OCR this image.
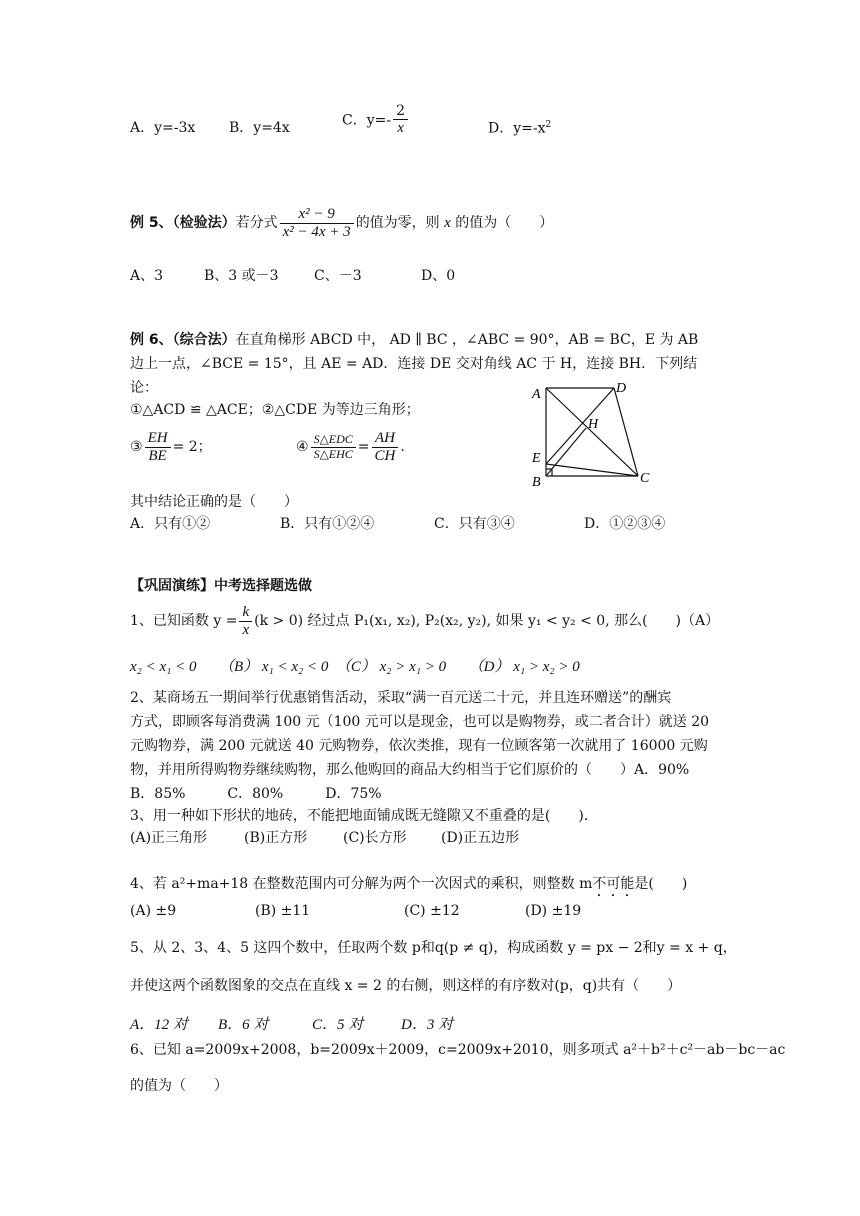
A．y=-3x B．y=4x	C．$y=- \frac{2}{x}$	D．$y=-x^2$
例 5、（检验法）若分式 $\frac{\text{x² − 9}}{\text{x² − 4x + 3}}$ 的值为零，则 x 的值为（　　）
A、3	B、3 或－3	C、－3	D、0
例 6、（综合法）在直角梯形 ABCD 中， AD ∥ BC ，∠ABC = 90°，AB = BC，E 为 AB
边上一点，∠BCE = 15°，且 AE = AD．连接 DE 交对角线 AC 于 H，连接 BH．下列结
论：
①△ACD ≌ △ACE；②△CDE 为等边三角形；
③ $\frac{EH}{BE} = 2$；	④ $\frac{\text{S△EDC}}{\text{S△EHC}} = \frac{AH}{CH}$ .
其中结论正确的是（　　）
A．只有①②	B．只有①②④	C．只有③④	D．①②③④
A	D
H
E
B	C
【巩固演练】中考选择题选做
1、已知函数 $y = \frac{k}{x} (k > 0)$ 经过点 P₁(x₁, x₂), P₂(x₂, y₂), 如果 y₁ < y₂ < 0, 那么(　　)（A）
x₂ < x₁ < 0　　（B） x₁ < x₂ < 0　（C） x₂ > x₁ > 0　　（D） x₁ > x₂ > 0
2、某商场五一期间举行优惠销售活动，采取“满一百元送二十元，并且连环赠送”的酬宾
方式，即顾客每消费满 100 元（100 元可以是现金，也可以是购物券，或二者合计）就送 20
元购物券，满 200 元就送 40 元购物券，依次类推，现有一位顾客第一次就用了 16000 元购
物，并用所得购物券继续购物，那么他购回的商品大约相当于它们原价的（　　）A．90%
B．85%　　　C．80%　　　D．75%
3、用一种如下形状的地砖，不能把地面铺成既无缝隙又不重叠的是(　　)．
(A)正三角形	(B)正方形	(C)长方形 (D)正五边形
4、若 a²+ma+18 在整数范围内可分解为两个一次因式的乘积，则整数 m不可能是(　　)
(A) ±9	(B) ±11	(C) ±12	(D) ±19
5、从 2、3、4、5 这四个数中，任取两个数 p和q(p ≠ q)，构成函数 y = px − 2和y = x + q，
并使这两个函数图象的交点在直线 x = 2 的右侧，则这样的有序数对(p，q)共有（　　）
A．12 对 B．6 对	C．5 对	D．3 对
6、已知 a=2009x+2008，b=2009x＋2009，c=2009x+2010，则多项式 a²＋b²＋c²－ab－bc－ac
的值为（　　）
